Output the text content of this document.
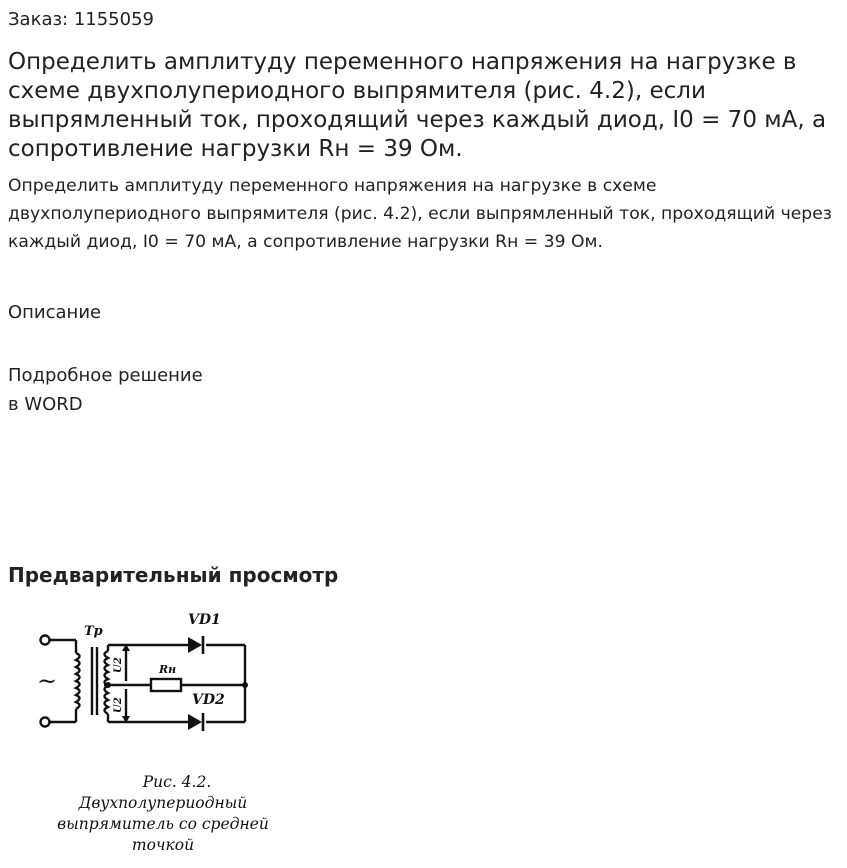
Заказ: 1155059
Определить амплитуду переменного напряжения на нагрузке в схеме двухполупериодного выпрямителя (рис. 4.2), если выпрямленный ток, проходящий через каждый диод, I0 = 70 мА, а сопротивление нагрузки Rн = 39 Ом.

Определить амплитуду переменного напряжения на нагрузке в схеме двухполупериодного выпрямителя (рис. 4.2), если выпрямленный ток, проходящий через каждый диод, I0 = 70 мА, а сопротивление нагрузки Rн = 39 Ом.

Описание
Подробное решение
в WORD
Предварительный просмотр
~
Тр
VD1
VD2
Rн
U2
U2
Рис. 4.2.
Двухполупериодный
выпрямитель со средней
точкой
